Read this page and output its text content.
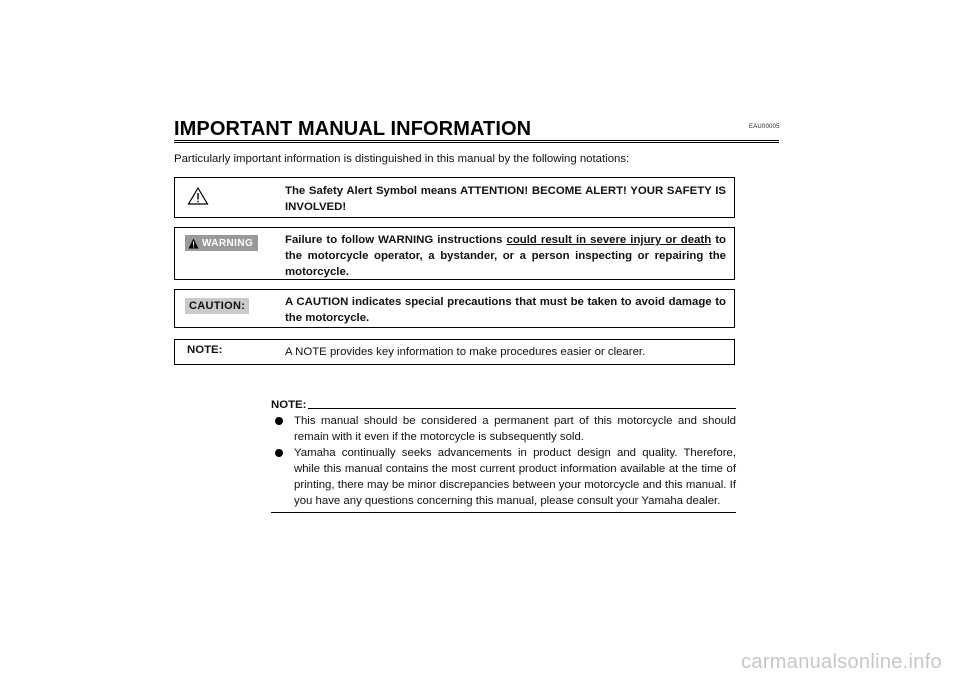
EAU00005
IMPORTANT MANUAL INFORMATION
Particularly important information is distinguished in this manual by the following notations:
The Safety Alert Symbol means ATTENTION! BECOME ALERT! YOUR SAFETY IS INVOLVED!
WARNING	Failure to follow WARNING instructions could result in severe injury or death to the motorcycle operator, a bystander, or a person inspecting or repairing the motorcycle.
CAUTION:	A CAUTION indicates special precautions that must be taken to avoid damage to the motorcycle.
NOTE:	A NOTE provides key information to make procedures easier or clearer.
NOTE:
This manual should be considered a permanent part of this motorcycle and should remain with it even if the motorcycle is subsequently sold.
Yamaha continually seeks advancements in product design and quality. Therefore, while this manual contains the most current product information available at the time of printing, there may be minor discrepancies between your motorcycle and this manual. If you have any questions concerning this manual, please consult your Yamaha dealer.
carmanualsonline.info
